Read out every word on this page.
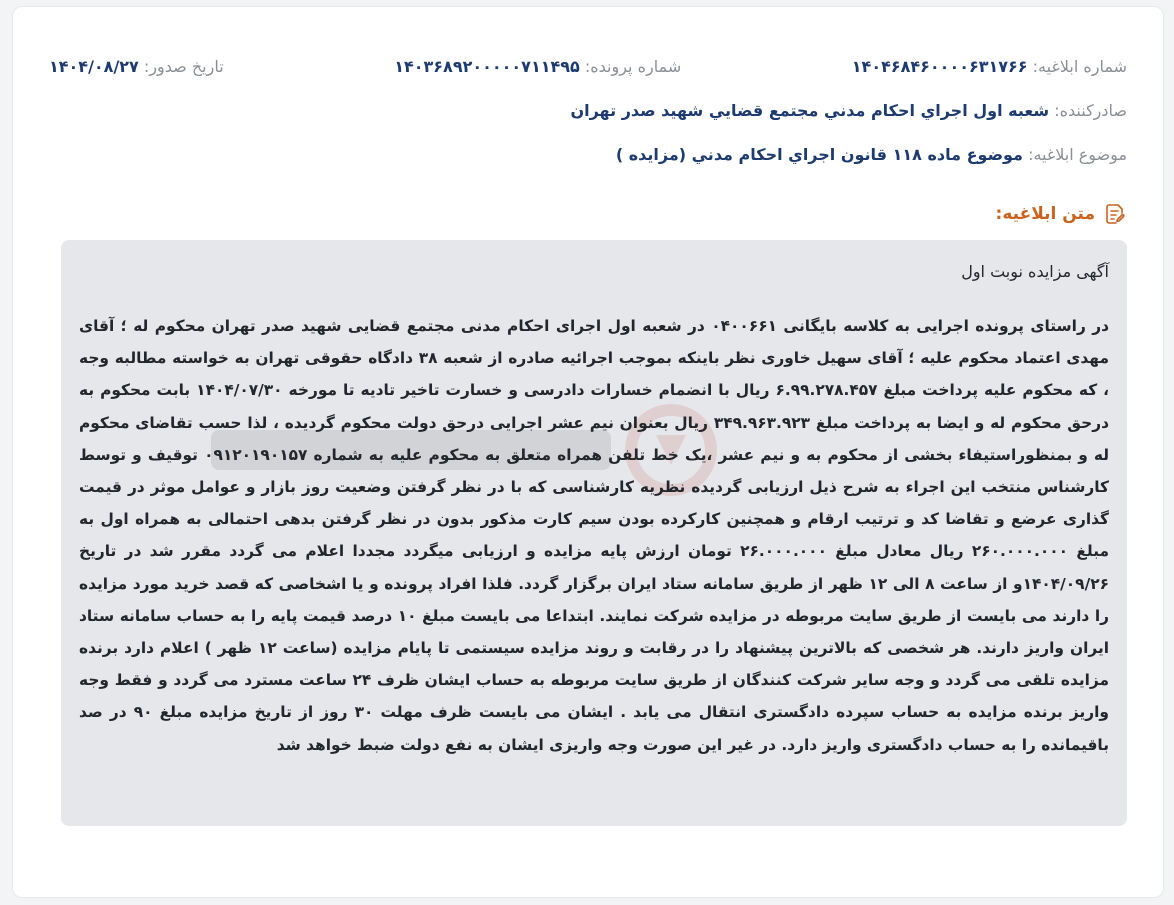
شماره ابلاغيه: ۱۴۰۴۶۸۴۶۰۰۰۰۶۳۱۷۶۶
شماره پرونده: ۱۴۰۳۶۸۹۲۰۰۰۰۰۷۱۱۴۹۵
تاريخ صدور: ۱۴۰۴/۰۸/۲۷
صادرکننده: شعبه اول اجراي احکام مدني مجتمع قضايي شهيد صدر تهران
موضوع ابلاغيه: موضوع ماده ۱۱۸ قانون اجراي احکام مدني (مزايده )
متن ابلاغيه:
آگهی مزایده نوبت اول
در راستای پرونده اجرایی به کلاسه بایگانی ۰۴۰۰۶۶۱ در شعبه اول اجرای احکام مدنی مجتمع قضایی شهید صدر تهران محکوم له ؛ آقای مهدی اعتماد محکوم علیه ؛ آقای سهیل خاوری نظر باینکه بموجب اجرائیه صادره از شعبه ۳۸ دادگاه حقوقی تهران به خواسته مطالبه وجه ، که محکوم علیه پرداخت مبلغ ۶.۹۹.۲۷۸.۴۵۷ ریال با انضمام خسارات دادرسی و خسارت تاخیر تادیه تا مورخه ۱۴۰۴/۰۷/۳۰ بابت محکوم به درحق محکوم له و ایضا به پرداخت مبلغ ۳۴۹.۹۶۳.۹۲۳ ریال بعنوان نیم عشر اجرایی درحق دولت محکوم گردیده ، لذا حسب تقاضای محکوم له و بمنظوراستیفاء بخشی از محکوم به و نیم عشر ،یک خط تلفن همراه متعلق به محکوم علیه به شماره ۰۹۱۲۰۱۹۰۱۵۷ توقیف و توسط کارشناس منتخب این اجراء به شرح ذیل ارزیابی گردیده نظریه کارشناسی که با در نظر گرفتن وضعیت روز بازار و عوامل موثر در قیمت گذاری عرضع و تقاضا کد و ترتیب ارقام و همچنین کارکرده بودن سیم کارت مذکور بدون در نظر گرفتن بدهی احتمالی به همراه اول به مبلغ ۲۶۰.۰۰۰.۰۰۰ ریال معادل مبلغ ۲۶.۰۰۰.۰۰۰ تومان ارزش پایه مزایده و ارزیابی میگردد مجددا اعلام می گردد مقرر شد در تاریخ ۱۴۰۴/۰۹/۲۶و از ساعت ۸ الی ۱۲ ظهر از طریق سامانه ستاد ایران برگزار گردد. فلذا افراد پرونده و یا اشخاصی که قصد خرید مورد مزایده را دارند می بایست از طریق سایت مربوطه در مزایده شرکت نمایند. ابتداعا می بایست مبلغ ۱۰ درصد قیمت پایه را به حساب سامانه ستاد ایران واریز دارند. هر شخصی که بالاترین پیشنهاد را در رقابت و روند مزایده سیستمی تا پایام مزایده (ساعت ۱۲ ظهر ) اعلام دارد برنده مزایده تلقی می گردد و وجه سایر شرکت کنندگان از طریق سایت مربوطه به حساب ایشان ظرف ۲۴ ساعت مسترد می گردد و فقط وجه واریز برنده مزایده به حساب سپرده دادگستری انتقال می یابد . ایشان می بایست ظرف مهلت ۳۰ روز از تاریخ مزایده مبلغ ۹۰ در صد باقیمانده را به حساب دادگستری واریز دارد. در غیر این صورت وجه واریزی ایشان به نفع دولت ضبط خواهد شد
